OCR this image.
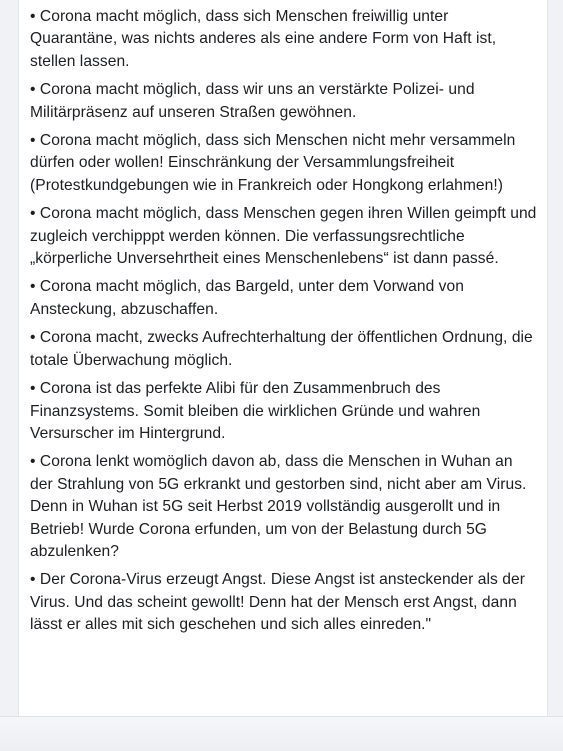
• Corona macht möglich, dass sich Menschen freiwillig unter Quarantäne, was nichts anderes als eine andere Form von Haft ist, stellen lassen.
• Corona macht möglich, dass wir uns an verstärkte Polizei- und Militärpräsenz auf unseren Straßen gewöhnen.
• Corona macht möglich, dass sich Menschen nicht mehr versammeln dürfen oder wollen! Einschränkung der Versammlungsfreiheit (Protestkundgebungen wie in Frankreich oder Hongkong erlahmen!)
• Corona macht möglich, dass Menschen gegen ihren Willen geimpft und zugleich verchipppt werden können. Die verfassungsrechtliche „körperliche Unversehrtheit eines Menschenlebens“ ist dann passé.
• Corona macht möglich, das Bargeld, unter dem Vorwand von Ansteckung, abzuschaffen.
• Corona macht, zwecks Aufrechterhaltung der öffentlichen Ordnung, die totale Überwachung möglich.
• Corona ist das perfekte Alibi für den Zusammenbruch des Finanzsystems. Somit bleiben die wirklichen Gründe und wahren Versurscher im Hintergrund.
• Corona lenkt womöglich davon ab, dass die Menschen in Wuhan an der Strahlung von 5G erkrankt und gestorben sind, nicht aber am Virus. Denn in Wuhan ist 5G seit Herbst 2019 vollständig ausgerollt und in Betrieb! Wurde Corona erfunden, um von der Belastung durch 5G abzulenken?
• Der Corona-Virus erzeugt Angst. Diese Angst ist ansteckender als der Virus. Und das scheint gewollt! Denn hat der Mensch erst Angst, dann lässt er alles mit sich geschehen und sich alles einreden."
